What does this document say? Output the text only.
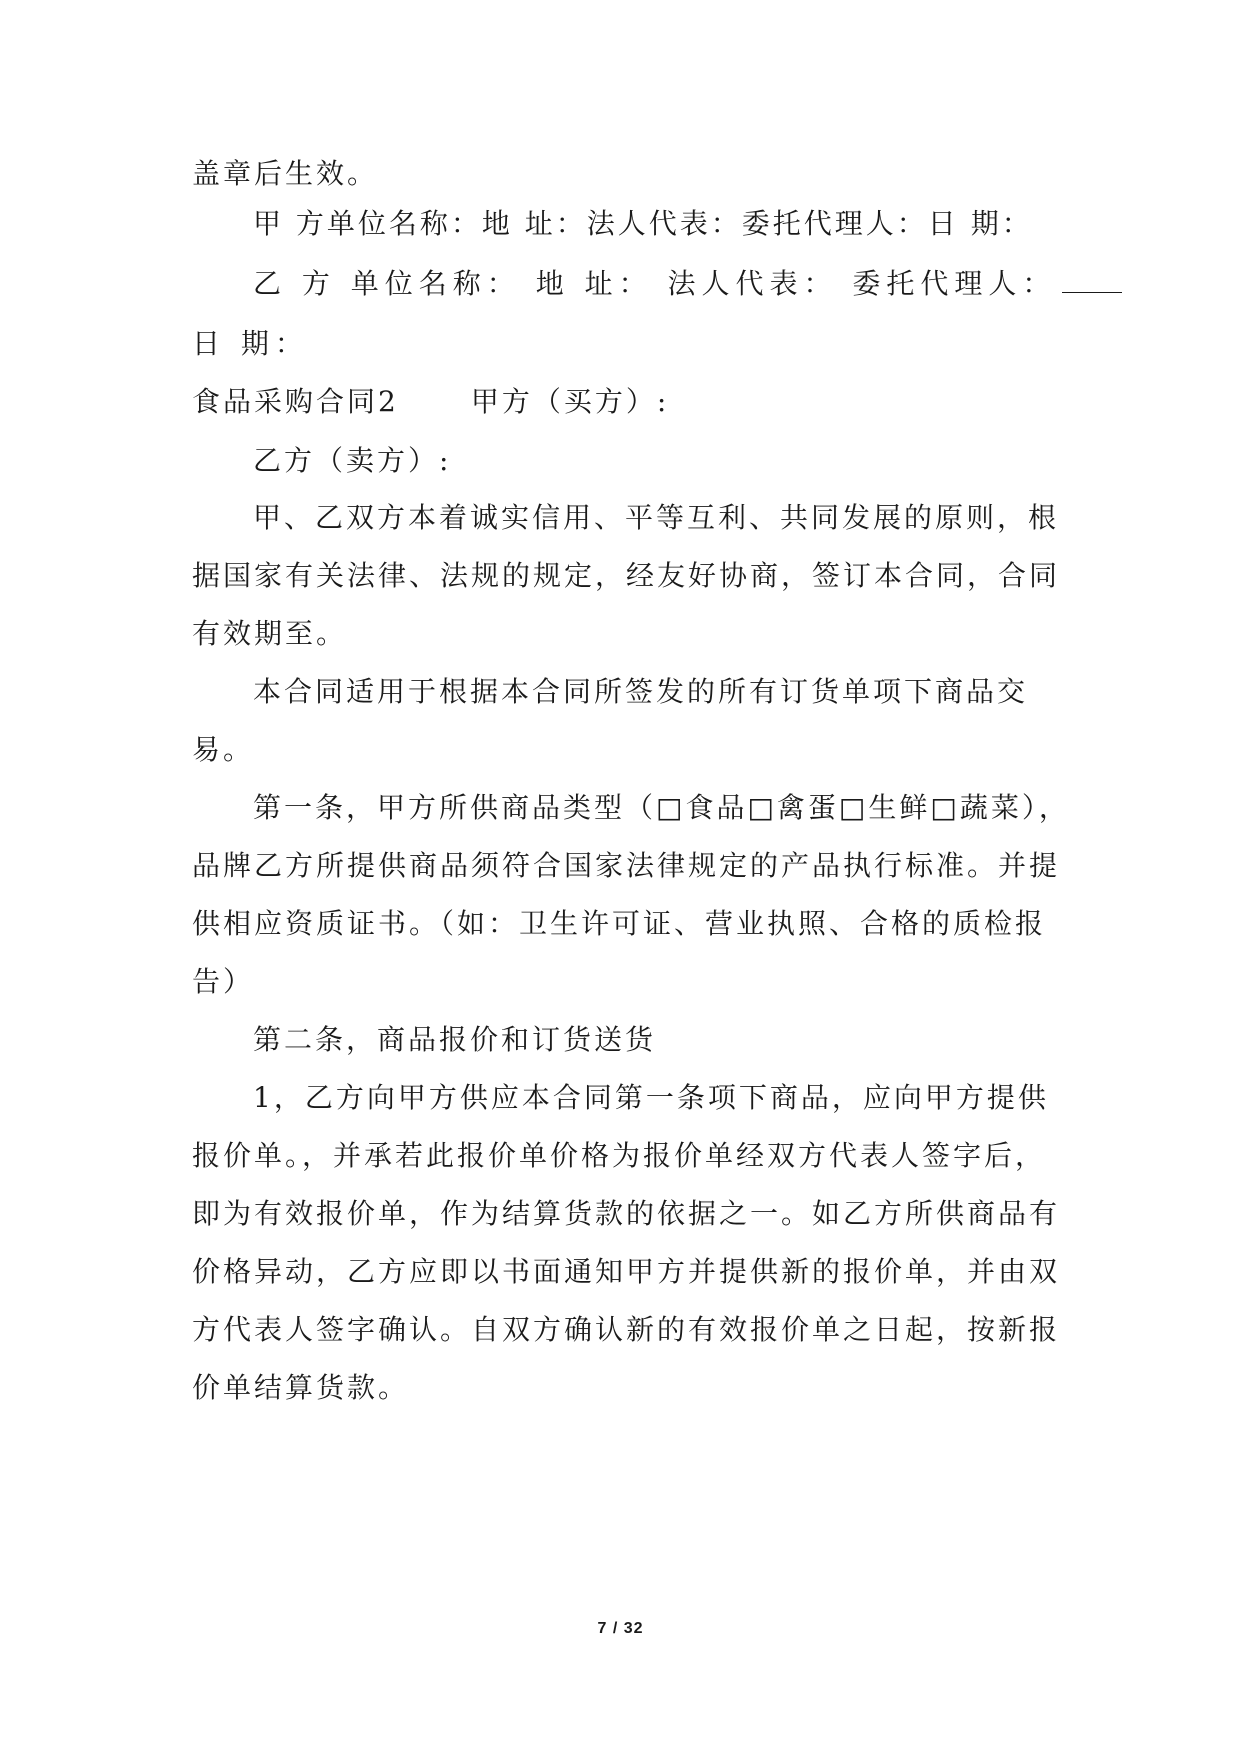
盖章后生效。
甲 方单位名称：地 址：法人代表：委托代理人：日 期：
乙 方 单位名称： 地 址： 法人代表： 委托代理人：
日 期：
食品采购合同2	甲方（买方）:
乙方（卖方）:
甲、乙双方本着诚实信用、平等互利、共同发展的原则，根
据国家有关法律、法规的规定，经友好协商，签订本合同，合同
有效期至。
本合同适用于根据本合同所签发的所有订货单项下商品交
易。
第一条，甲方所供商品类型（□食品□禽蛋□生鲜□蔬菜），
品牌乙方所提供商品须符合国家法律规定的产品执行标准。并提
供相应资质证书。（如：卫生许可证、营业执照、合格的质检报
告）
第二条，商品报价和订货送货
1，乙方向甲方供应本合同第一条项下商品，应向甲方提供
报价单。，并承若此报价单价格为报价单经双方代表人签字后，
即为有效报价单，作为结算货款的依据之一。如乙方所供商品有
价格异动，乙方应即以书面通知甲方并提供新的报价单，并由双
方代表人签字确认。自双方确认新的有效报价单之日起，按新报
价单结算货款。
7 / 32
